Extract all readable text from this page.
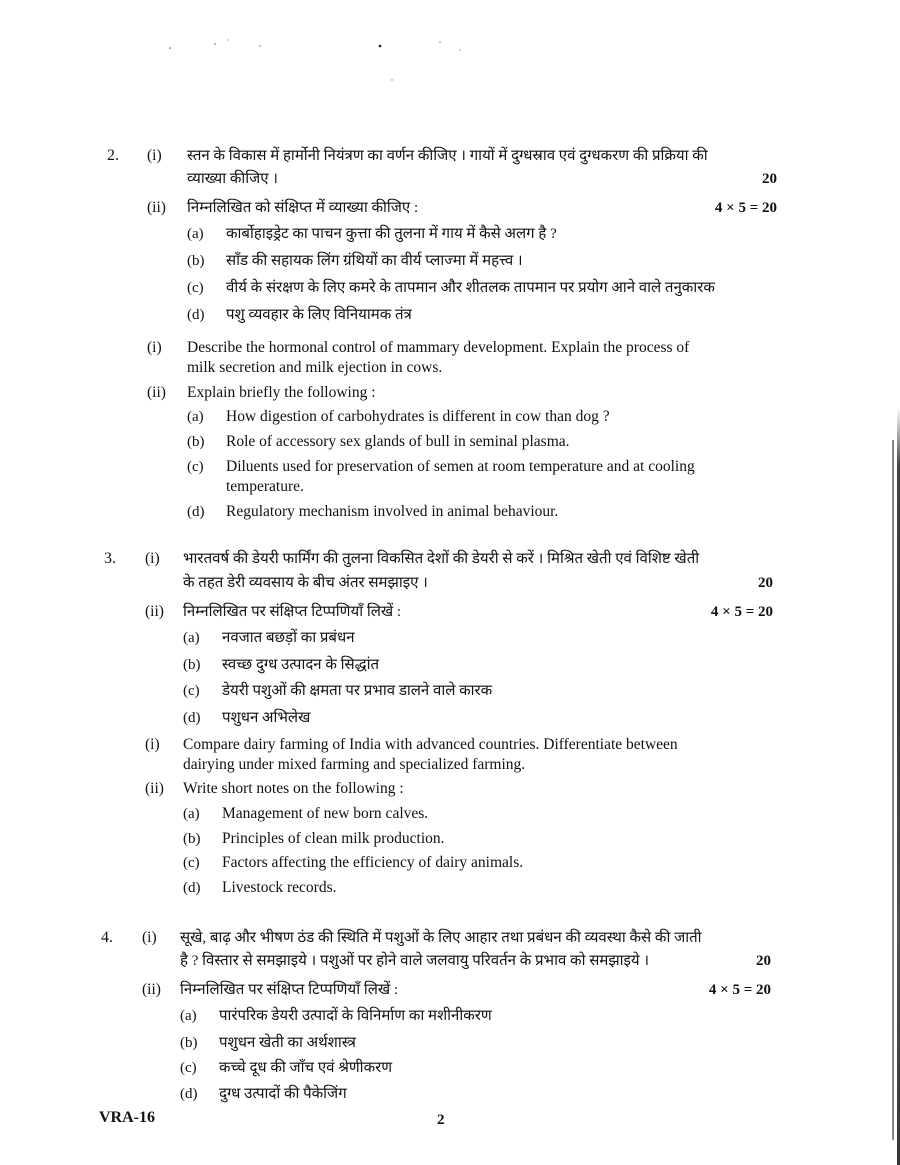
2. (i)	स्तन के विकास में हार्मोनी नियंत्रण का वर्णन कीजिए । गायों में दुग्धस्राव एवं दुग्धकरण की प्रक्रिया की
व्याख्या कीजिए ।	20
(ii)	निम्नलिखित को संक्षिप्त में व्याख्या कीजिए :	4 × 5 = 20
(a)	कार्बोहाइड्रेट का पाचन कुत्ता की तुलना में गाय में कैसे अलग है ?
(b)	साँड की सहायक लिंग ग्रंथियों का वीर्य प्लाज्मा में महत्त्व ।
(c)	वीर्य के संरक्षण के लिए कमरे के तापमान और शीतलक तापमान पर प्रयोग आने वाले तनुकारक
(d)	पशु व्यवहार के लिए विनियामक तंत्र
(i)	Describe the hormonal control of mammary development. Explain the process of
milk secretion and milk ejection in cows.
(ii)	Explain briefly the following :
(a)	How digestion of carbohydrates is different in cow than dog ?
(b)	Role of accessory sex glands of bull in seminal plasma.
(c)	Diluents used for preservation of semen at room temperature and at cooling
temperature.
(d)	Regulatory mechanism involved in animal behaviour.
3. (i)	भारतवर्ष की डेयरी फार्मिंग की तुलना विकसित देशों की डेयरी से करें । मिश्रित खेती एवं विशिष्ट खेती
के तहत डेरी व्यवसाय के बीच अंतर समझाइए ।	20
(ii)	निम्नलिखित पर संक्षिप्त टिप्पणियाँ लिखें :	4 × 5 = 20
(a)	नवजात बछड़ों का प्रबंधन
(b)	स्वच्छ दुग्ध उत्पादन के सिद्धांत
(c)	डेयरी पशुओं की क्षमता पर प्रभाव डालने वाले कारक
(d)	पशुधन अभिलेख
(i)	Compare dairy farming of India with advanced countries. Differentiate between
dairying under mixed farming and specialized farming.
(ii)	Write short notes on the following :
(a)	Management of new born calves.
(b)	Principles of clean milk production.
(c)	Factors affecting the efficiency of dairy animals.
(d)	Livestock records.
4. (i)	सूखे, बाढ़ और भीषण ठंड की स्थिति में पशुओं के लिए आहार तथा प्रबंधन की व्यवस्था कैसे की जाती
है ? विस्तार से समझाइये । पशुओं पर होने वाले जलवायु परिवर्तन के प्रभाव को समझाइये ।	20
(ii)	निम्नलिखित पर संक्षिप्त टिप्पणियाँ लिखें :	4 × 5 = 20
(a)	पारंपरिक डेयरी उत्पादों के विनिर्माण का मशीनीकरण
(b)	पशुधन खेती का अर्थशास्त्र
(c)	कच्चे दूध की जाँच एवं श्रेणीकरण
(d)	दुग्ध उत्पादों की पैकेजिंग
VRA-16	2
